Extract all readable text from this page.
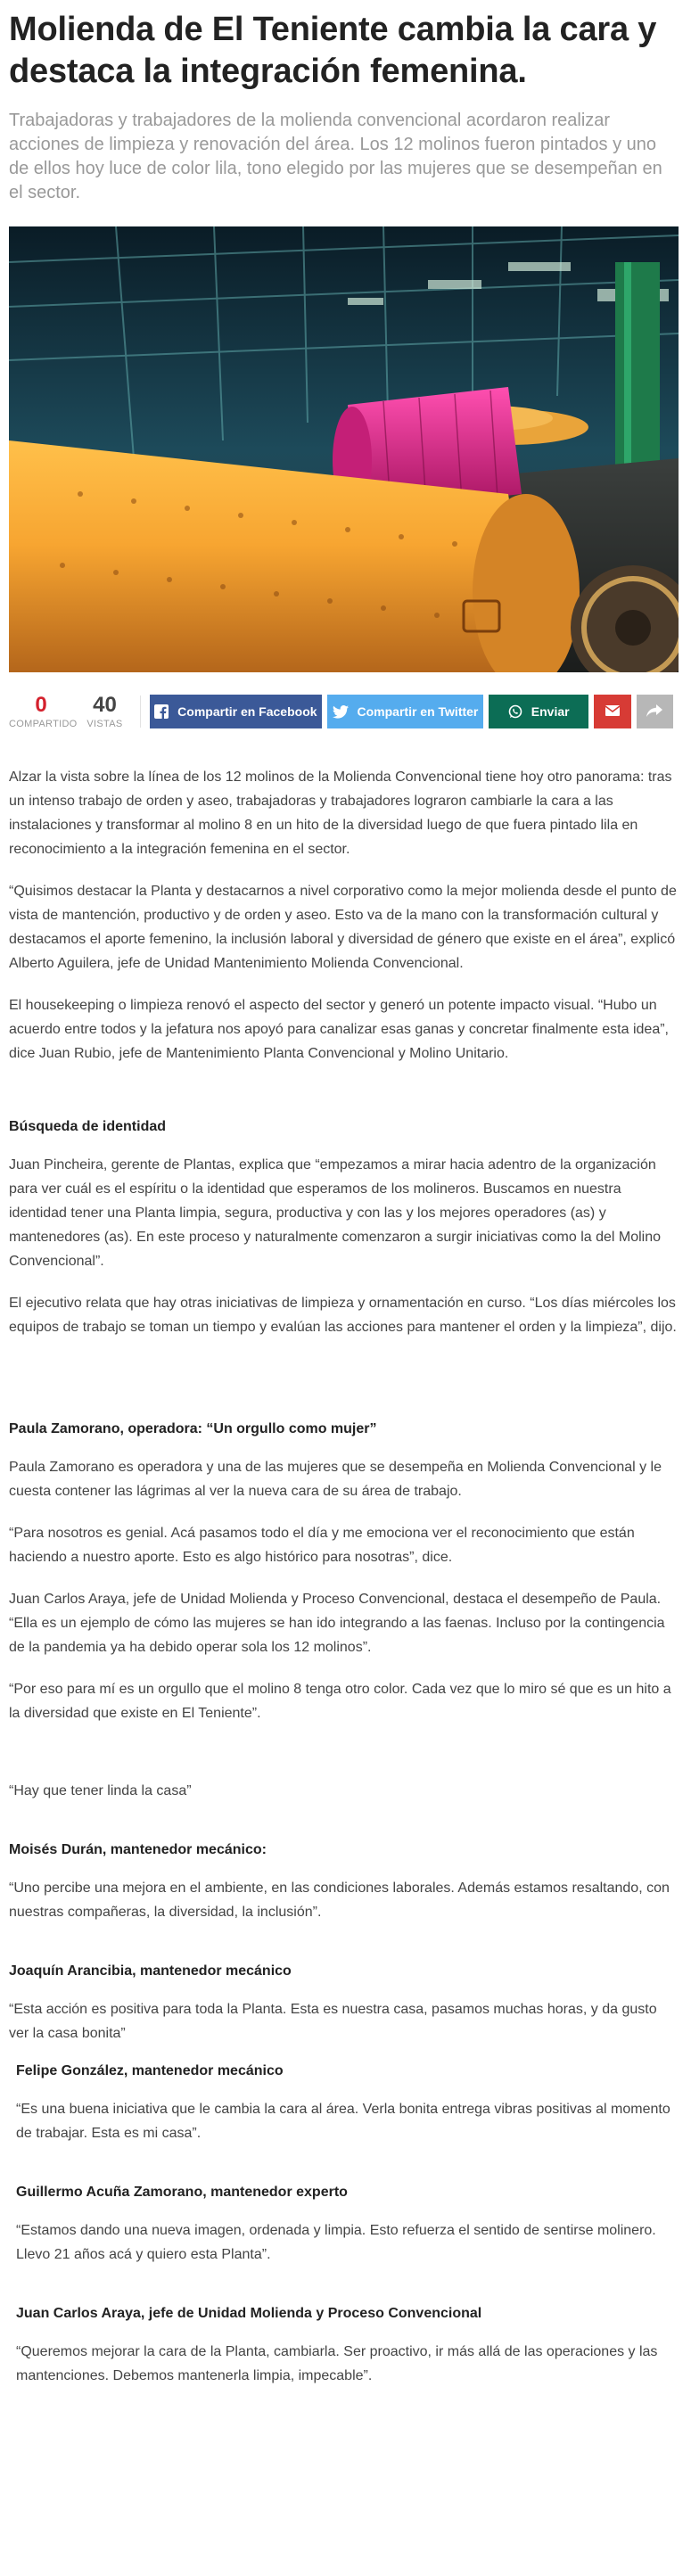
Molienda de El Teniente cambia la cara y destaca la integración femenina.

Trabajadoras y trabajadores de la molienda convencional acordaron realizar acciones de limpieza y renovación del área. Los 12 molinos fueron pintados y uno de ellos hoy luce de color lila, tono elegido por las mujeres que se desempeñan en el sector.

0
COMPARTIDO
40
VISTAS
Compartir en Facebook	Compartir en Twitter	Enviar

Alzar la vista sobre la línea de los 12 molinos de la Molienda Convencional tiene hoy otro panorama: tras un intenso trabajo de orden y aseo, trabajadoras y trabajadores lograron cambiarle la cara a las instalaciones y transformar al molino 8 en un hito de la diversidad luego de que fuera pintado lila en reconocimiento a la integración femenina en el sector.

“Quisimos destacar la Planta y destacarnos a nivel corporativo como la mejor molienda desde el punto de vista de mantención, productivo y de orden y aseo. Esto va de la mano con la transformación cultural y destacamos el aporte femenino, la inclusión laboral y diversidad de género que existe en el área”, explicó Alberto Aguilera, jefe de Unidad Mantenimiento Molienda Convencional.

El housekeeping o limpieza renovó el aspecto del sector y generó un potente impacto visual. “Hubo un acuerdo entre todos y la jefatura nos apoyó para canalizar esas ganas y concretar finalmente esta idea”, dice Juan Rubio, jefe de Mantenimiento Planta Convencional y Molino Unitario.

Búsqueda de identidad

Juan Pincheira, gerente de Plantas, explica que “empezamos a mirar hacia adentro de la organización para ver cuál es el espíritu o la identidad que esperamos de los molineros. Buscamos en nuestra identidad tener una Planta limpia, segura, productiva y con las y los mejores operadores (as) y mantenedores (as). En este proceso y naturalmente comenzaron a surgir iniciativas como la del Molino Convencional”.

El ejecutivo relata que hay otras iniciativas de limpieza y ornamentación en curso. “Los días miércoles los equipos de trabajo se toman un tiempo y evalúan las acciones para mantener el orden y la limpieza”, dijo.

Paula Zamorano, operadora: “Un orgullo como mujer”

Paula Zamorano es operadora y una de las mujeres que se desempeña en Molienda Convencional y le cuesta contener las lágrimas al ver la nueva cara de su área de trabajo.

“Para nosotros es genial. Acá pasamos todo el día y me emociona ver el reconocimiento que están haciendo a nuestro aporte. Esto es algo histórico para nosotras”, dice.

Juan Carlos Araya, jefe de Unidad Molienda y Proceso Convencional, destaca el desempeño de Paula. “Ella es un ejemplo de cómo las mujeres se han ido integrando a las faenas. Incluso por la contingencia de la pandemia ya ha debido operar sola los 12 molinos”.

“Por eso para mí es un orgullo que el molino 8 tenga otro color. Cada vez que lo miro sé que es un hito a la diversidad que existe en El Teniente”.

“Hay que tener linda la casa”

Moisés Durán, mantenedor mecánico:

“Uno percibe una mejora en el ambiente, en las condiciones laborales. Además estamos resaltando, con nuestras compañeras, la diversidad, la inclusión”.

Joaquín Arancibia, mantenedor mecánico

“Esta acción es positiva para toda la Planta. Esta es nuestra casa, pasamos muchas horas, y da gusto ver la casa bonita”

Felipe González, mantenedor mecánico

“Es una buena iniciativa que le cambia la cara al área. Verla bonita entrega vibras positivas al momento de trabajar. Esta es mi casa”.

Guillermo Acuña Zamorano, mantenedor experto

“Estamos dando una nueva imagen, ordenada y limpia. Esto refuerza el sentido de sentirse molinero. Llevo 21 años acá y quiero esta Planta”.

Juan Carlos Araya, jefe de Unidad Molienda y Proceso Convencional

“Queremos mejorar la cara de la Planta, cambiarla. Ser proactivo, ir más allá de las operaciones y las mantenciones. Debemos mantenerla limpia, impecable”.
